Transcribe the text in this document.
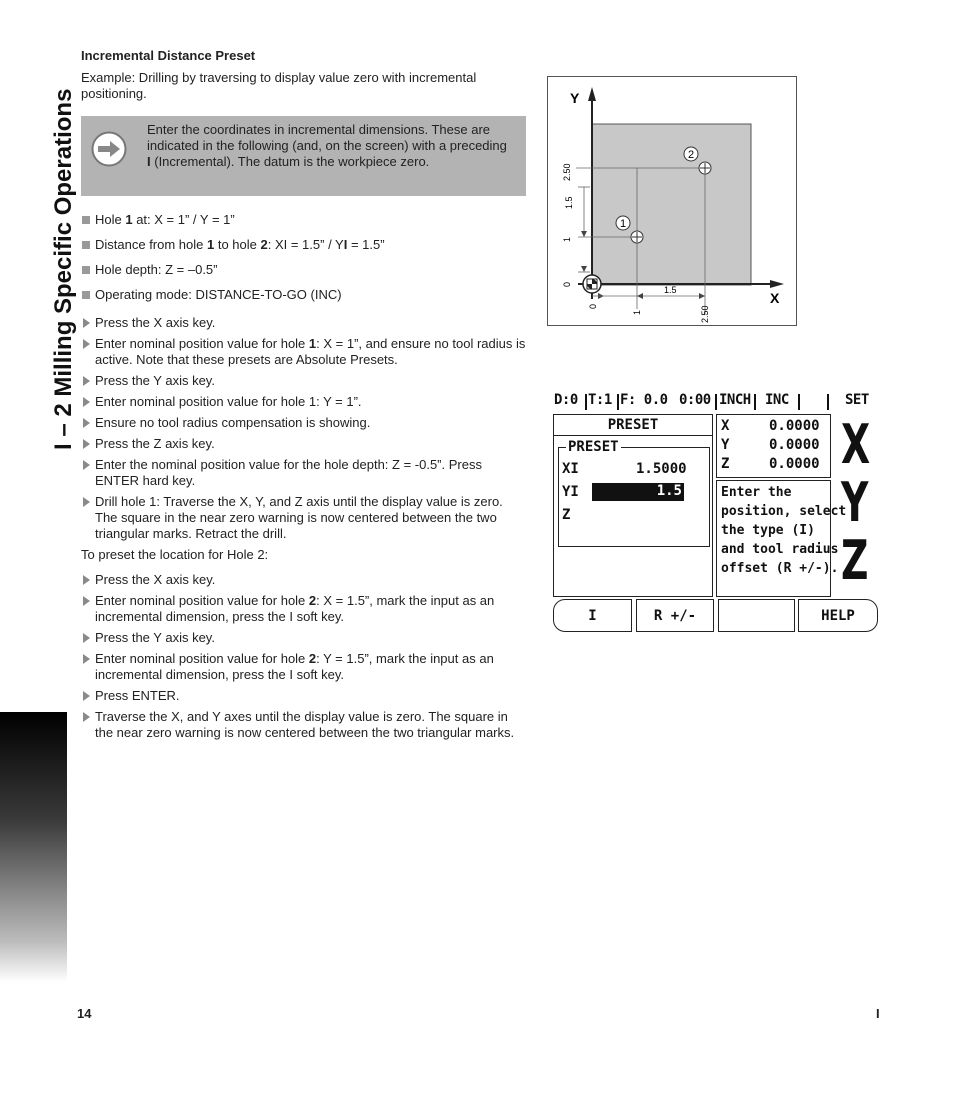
I – 2 Milling Specific Operations
Incremental Distance Preset
Example: Drilling by traversing to display value zero with incremental positioning.
Enter the coordinates in incremental dimensions. These are indicated in the following (and, on the screen) with a preceding I (Incremental). The datum is the workpiece zero.
Hole 1 at: X = 1” / Y = 1”
Distance from hole 1 to hole 2: XI = 1.5” / YI = 1.5”
Hole depth: Z = –0.5”
Operating mode: DISTANCE-TO-GO (INC)
Press the X axis key.
Enter nominal position value for hole 1: X = 1”, and ensure no tool radius is active. Note that these presets are Absolute Presets.
Press the Y axis key.
Enter nominal position value for hole 1: Y = 1”.
Ensure no tool radius compensation is showing.
Press the Z axis key.
Enter the nominal position value for the hole depth: Z = -0.5”. Press ENTER hard key.
Drill hole 1: Traverse the X, Y, and Z axis until the display value is zero. The square in the near zero warning is now centered between the two triangular marks. Retract the drill.
To preset the location for Hole 2:
Press the X axis key.
Enter nominal position value for hole 2: X = 1.5”, mark the input as an incremental dimension, press the I soft key.
Press the Y axis key.
Enter nominal position value for hole 2: Y = 1.5”, mark the input as an incremental dimension, press the I soft key.
Press ENTER.
Traverse the X, and Y axes until the display value is zero. The square in the near zero warning is now centered between the two triangular marks.
Y
X
1
2
0
1
1.5
2.50
0
1	2.50
1.5
D:0 T:1 F: 0.0 0:00 INCH INC	SET
PRESET
PRESET
XI	1.5000
YI	1.5
Z
X	0.0000
Y	0.0000
Z	0.0000
Enter the
position, select
the type (I)
and tool radius
offset (R +/-).
X
Y
Z
I	R +/-	HELP
14	I
